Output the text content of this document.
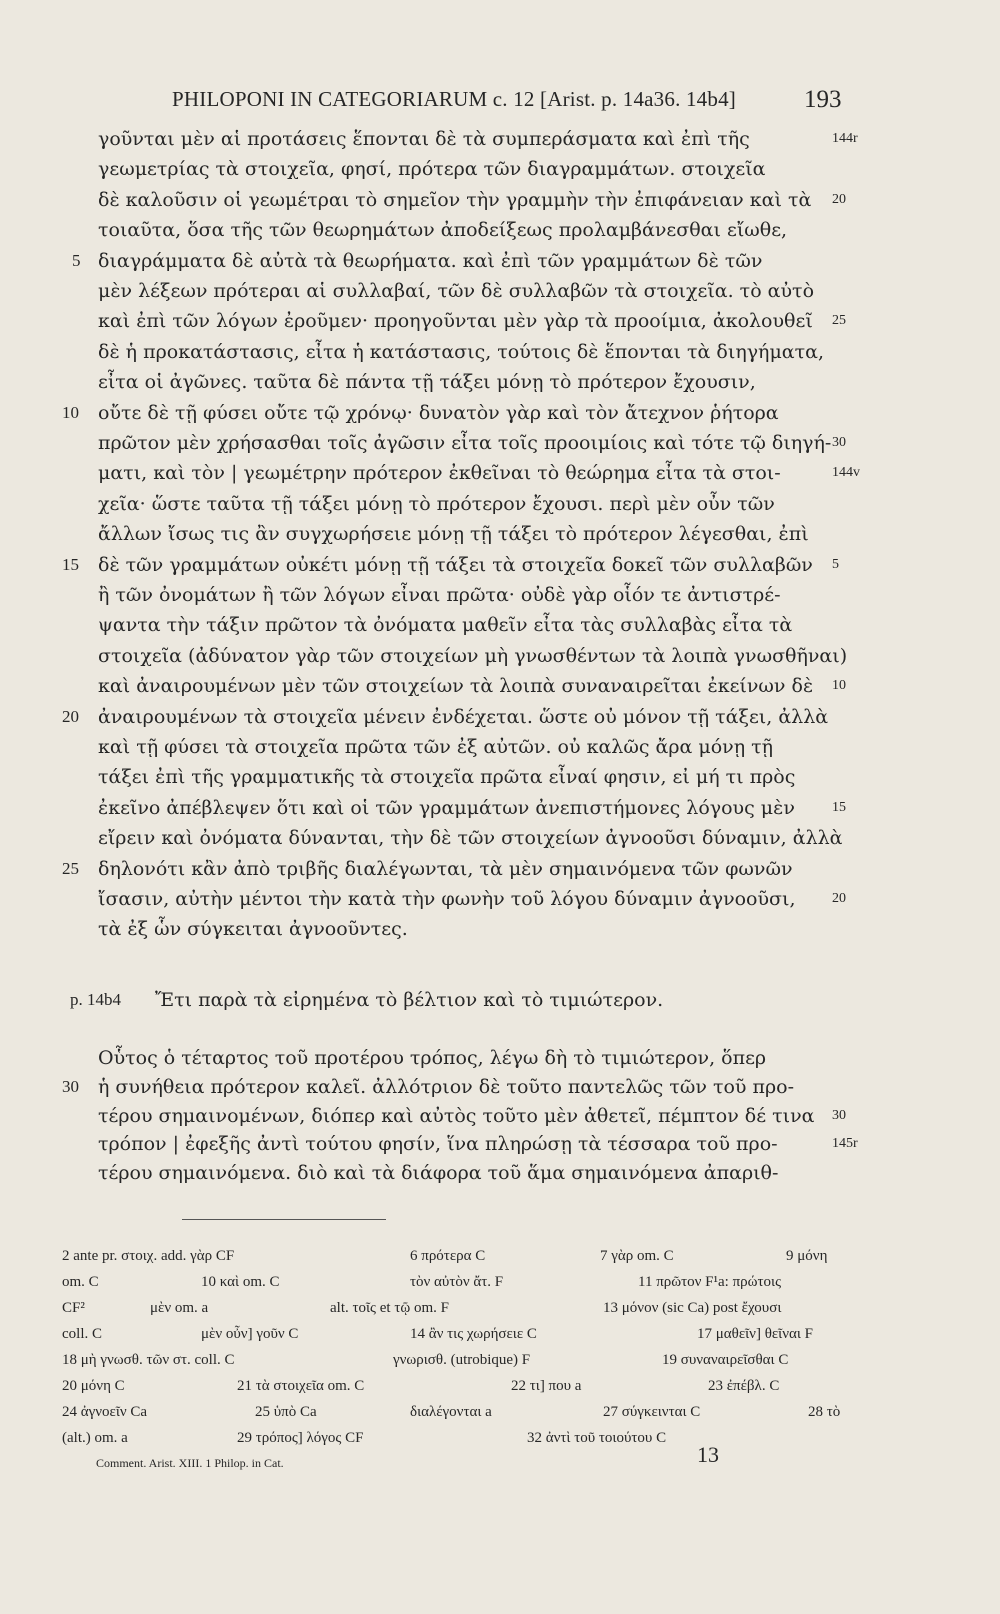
PHILOPONI IN CATEGORIARUM c. 12 [Arist. p. 14a36. 14b4]	193
γοῦνται μὲν αἱ προτάσεις ἕπονται δὲ τὰ συμπεράσματα καὶ ἐπὶ τῆς	144r
γεωμετρίας τὰ στοιχεῖα, φησί, πρότερα τῶν διαγραμμάτων. στοιχεῖα
δὲ καλοῦσιν οἱ γεωμέτραι τὸ σημεῖον τὴν γραμμὴν τὴν ἐπιφάνειαν καὶ τὰ 20
τοιαῦτα, ὅσα τῆς τῶν θεωρημάτων ἀποδείξεως προλαμβάνεσθαι εἴωθε,
διαγράμματα δὲ αὐτὰ τὰ θεωρήματα. καὶ ἐπὶ τῶν γραμμάτων δὲ τῶν
5
μὲν λέξεων πρότεραι αἱ συλλαβαί, τῶν δὲ συλλαβῶν τὰ στοιχεῖα. τὸ αὐτὸ
καὶ ἐπὶ τῶν λόγων ἐροῦμεν· προηγοῦνται μὲν γὰρ τὰ προοίμια, ἀκολουθεῖ 25
δὲ ἡ προκατάστασις, εἶτα ἡ κατάστασις, τούτοις δὲ ἕπονται τὰ διηγήματα,
εἶτα οἱ ἀγῶνες. ταῦτα δὲ πάντα τῇ τάξει μόνῃ τὸ πρότερον ἔχουσιν,
οὔτε δὲ τῇ φύσει οὔτε τῷ χρόνῳ· δυνατὸν γὰρ καὶ τὸν ἄτεχνον ῥήτορα
10
πρῶτον μὲν χρήσασθαι τοῖς ἀγῶσιν εἶτα τοῖς προοιμίοις καὶ τότε τῷ διηγή- 30
ματι, καὶ τὸν | γεωμέτρην πρότερον ἐκθεῖναι τὸ θεώρημα εἶτα τὰ στοι-	144v
χεῖα· ὥστε ταῦτα τῇ τάξει μόνῃ τὸ πρότερον ἔχουσι. περὶ μὲν οὖν τῶν
ἄλλων ἴσως τις ἂν συγχωρήσειε μόνῃ τῇ τάξει τὸ πρότερον λέγεσθαι, ἐπὶ
δὲ τῶν γραμμάτων οὐκέτι μόνῃ τῇ τάξει τὰ στοιχεῖα δοκεῖ τῶν συλλαβῶν
15	5
ἢ τῶν ὀνομάτων ἢ τῶν λόγων εἶναι πρῶτα· οὐδὲ γὰρ οἷόν τε ἀντιστρέ-
ψαντα τὴν τάξιν πρῶτον τὰ ὀνόματα μαθεῖν εἶτα τὰς συλλαβὰς εἶτα τὰ
στοιχεῖα (ἀδύνατον γὰρ τῶν στοιχείων μὴ γνωσθέντων τὰ λοιπὰ γνωσθῆναι)
καὶ ἀναιρουμένων μὲν τῶν στοιχείων τὰ λοιπὰ συναναιρεῖται ἐκείνων δὲ 10
ἀναιρουμένων τὰ στοιχεῖα μένειν ἐνδέχεται. ὥστε οὐ μόνον τῇ τάξει, ἀλλὰ
20
καὶ τῇ φύσει τὰ στοιχεῖα πρῶτα τῶν ἐξ αὐτῶν. οὐ καλῶς ἄρα μόνῃ τῇ
τάξει ἐπὶ τῆς γραμματικῆς τὰ στοιχεῖα πρῶτα εἶναί φησιν, εἰ μή τι πρὸς
ἐκεῖνο ἀπέβλεψεν ὅτι καὶ οἱ τῶν γραμμάτων ἀνεπιστήμονες λόγους μὲν	15
εἴρειν καὶ ὀνόματα δύνανται, τὴν δὲ τῶν στοιχείων ἀγνοοῦσι δύναμιν, ἀλλὰ
δηλονότι κἂν ἀπὸ τριβῆς διαλέγωνται, τὰ μὲν σημαινόμενα τῶν φωνῶν
25
ἴσασιν, αὐτὴν μέντοι τὴν κατὰ τὴν φωνὴν τοῦ λόγου δύναμιν ἀγνοοῦσι,	20
τὰ ἐξ ὧν σύγκειται ἀγνοοῦντες.
p. 14b4 Ἔτι παρὰ τὰ εἰρημένα τὸ βέλτιον καὶ τὸ τιμιώτερον.
Οὗτος ὁ τέταρτος τοῦ προτέρου τρόπος, λέγω δὴ τὸ τιμιώτερον, ὅπερ
ἡ συνήθεια πρότερον καλεῖ. ἀλλότριον δὲ τοῦτο παντελῶς τῶν τοῦ προ-
30
τέρου σημαινομένων, διόπερ καὶ αὐτὸς τοῦτο μὲν ἀθετεῖ, πέμπτον δέ τινα 30
τρόπον | ἐφεξῆς ἀντὶ τούτου φησίν, ἵνα πληρώσῃ τὰ τέσσαρα τοῦ προ-	145r
τέρου σημαινόμενα. διὸ καὶ τὰ διάφορα τοῦ ἅμα σημαινόμενα ἀπαριθ-
2 ante pr. στοιχ. add. γὰρ CF	6 πρότερα C	7 γὰρ om. C	9 μόνη
om. C	10 καὶ om. C	τὸν αὐτὸν ἄτ. F	11 πρῶτον F¹a: πρώτοις
CF²	μὲν om. a	alt. τοῖς et τῷ om. F	13 μόνον (sic Ca) post ἔχουσι
coll. C	μὲν οὖν] γοῦν C	14 ἂν τις χωρήσειε C	17 μαθεῖν] θεῖναι F
18 μὴ γνωσθ. τῶν στ. coll. C	γνωρισθ. (utrobique) F	19 συναναιρεῖσθαι C
20 μόνη C	21 τὰ στοιχεῖα om. C	22 τι] που a	23 ἐπέβλ. C
24 ἀγνοεῖν Ca	25 ὑπὸ Ca	διαλέγονται a	27 σύγκεινται C	28 τὸ
(alt.) om. a	29 τρόπος] λόγος CF	32 ἀντὶ τοῦ τοιούτου C
Comment. Arist. XIII. 1 Philop. in Cat.	13
